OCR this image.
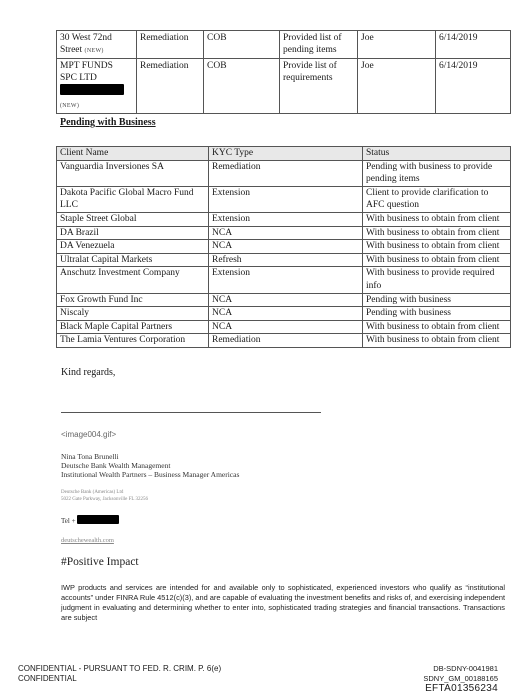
30 West 72nd
Street (NEW)	Remediation	COB	Provided list of pending items	Joe	6/14/2019
MPT FUNDS
SPC LTD

(NEW)	Remediation	COB	Provide list of requirements	Joe	6/14/2019
Pending with Business
Client Name	KYC Type	Status
Vanguardia Inversiones SA	Remediation	Pending with business to provide pending items
Dakota Pacific Global Macro Fund LLC	Extension	Client to provide clarification to AFC question
Staple Street Global	Extension	With business to obtain from client
DA Brazil	NCA	With business to obtain from client
DA Venezuela	NCA	With business to obtain from client
Ultralat Capital Markets	Refresh	With business to obtain from client
Anschutz Investment Company	Extension	With business to provide required info
Fox Growth Fund Inc	NCA	Pending with business
Niscaly	NCA	Pending with business
Black Maple Capital Partners	NCA	With business to obtain from client
The Lamia Ventures Corporation	Remediation	With business to obtain from client
Kind regards,
<image004.gif>
Nina Tona Brunelli
Deutsche Bank Wealth Management
Institutional Wealth Partners – Business Manager Americas
Deutsche Bank (Americas) Ltd
5022 Gate Parkway, Jacksonville FL 32256
Tel +
deutschewealth.com
#Positive Impact
IWP products and services are intended for and available only to sophisticated, experienced investors who qualify as “institutional accounts” under FINRA Rule 4512(c)(3), and are capable of evaluating the investment benefits and risks of, and exercising independent judgment in evaluating and determining whether to enter into, sophisticated trading strategies and financial transactions. Transactions are subject
CONFIDENTIAL - PURSUANT TO FED. R. CRIM. P. 6(e)
CONFIDENTIAL
DB-SDNY-0041981
SDNY_GM_00188165
EFTA01356234
